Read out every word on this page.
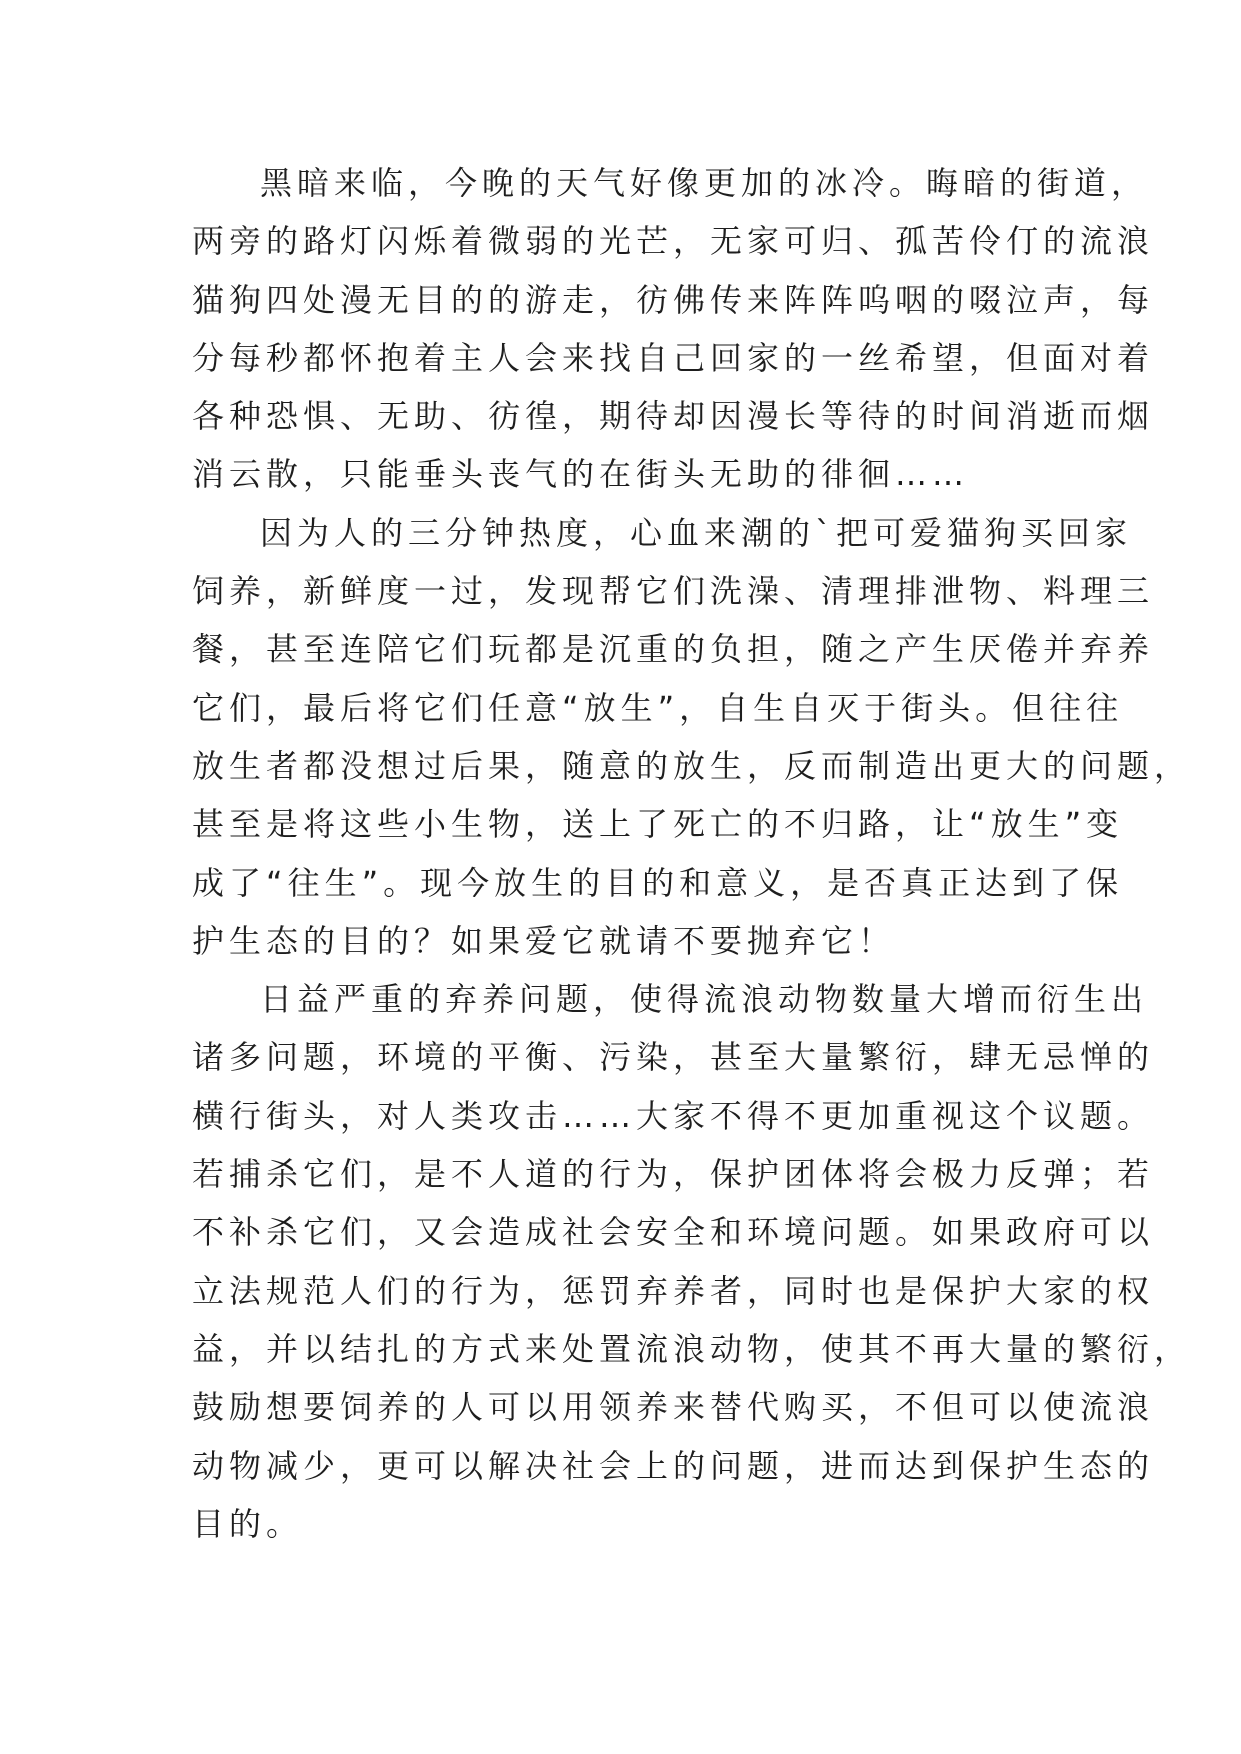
黑暗来临，今晚的天气好像更加的冰冷。晦暗的街道，

两旁的路灯闪烁着微弱的光芒，无家可归、孤苦伶仃的流浪

猫狗四处漫无目的的游走，彷佛传来阵阵呜咽的啜泣声，每

分每秒都怀抱着主人会来找自己回家的一丝希望，但面对着

各种恐惧、无助、彷徨，期待却因漫长等待的时间消逝而烟

消云散，只能垂头丧气的在街头无助的徘徊……

因为人的三分钟热度，心血来潮的`把可爱猫狗买回家

饲养，新鲜度一过，发现帮它们洗澡、清理排泄物、料理三

餐，甚至连陪它们玩都是沉重的负担，随之产生厌倦并弃养

它们，最后将它们任意“放生”，自生自灭于街头。但往往

放生者都没想过后果，随意的放生，反而制造出更大的问题，

甚至是将这些小生物，送上了死亡的不归路，让“放生”变

成了“往生”。现今放生的目的和意义，是否真正达到了保

护生态的目的？如果爱它就请不要抛弃它！

日益严重的弃养问题，使得流浪动物数量大增而衍生出

诸多问题，环境的平衡、污染，甚至大量繁衍，肆无忌惮的

横行街头，对人类攻击……大家不得不更加重视这个议题。

若捕杀它们，是不人道的行为，保护团体将会极力反弹；若

不补杀它们，又会造成社会安全和环境问题。如果政府可以

立法规范人们的行为，惩罚弃养者，同时也是保护大家的权

益，并以结扎的方式来处置流浪动物，使其不再大量的繁衍，

鼓励想要饲养的人可以用领养来替代购买，不但可以使流浪

动物减少，更可以解决社会上的问题，进而达到保护生态的

目的。
